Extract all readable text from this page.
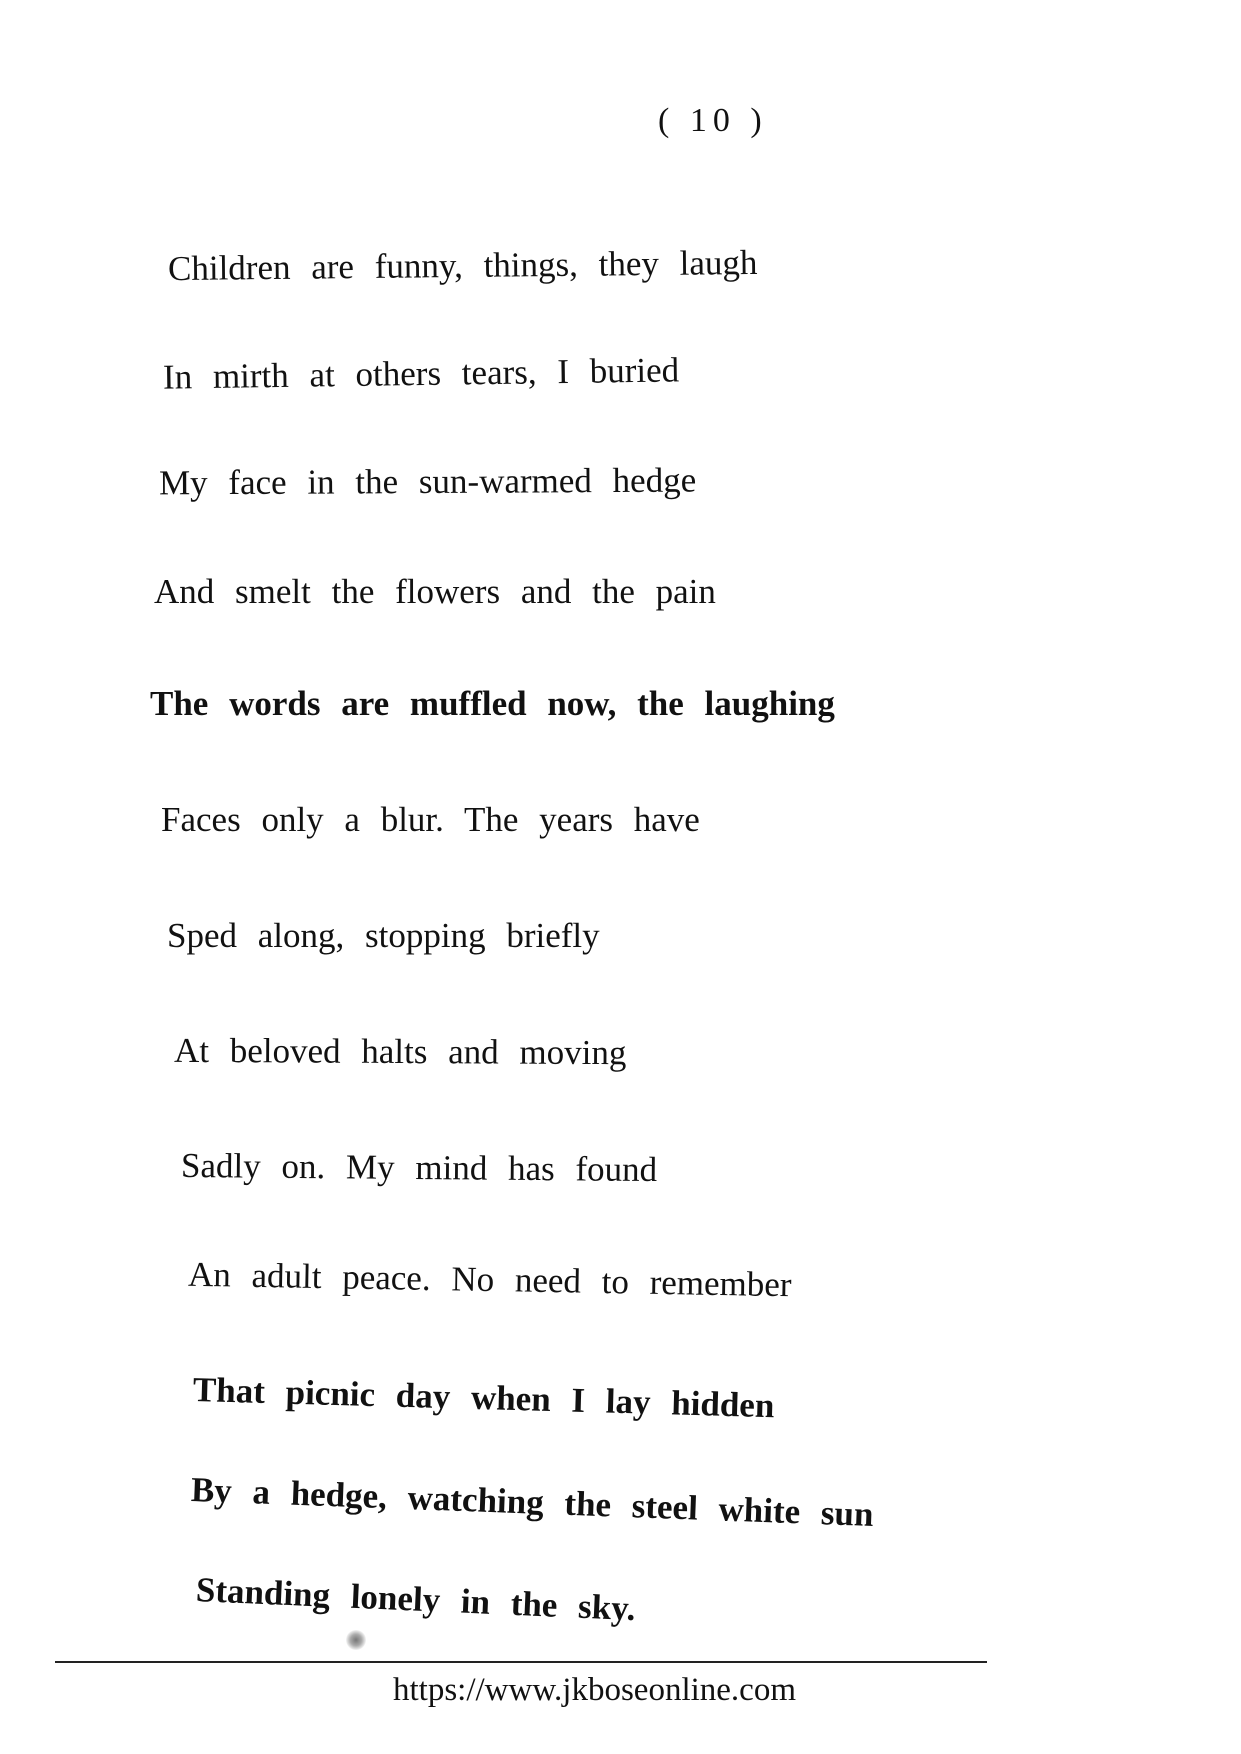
( 10 )
Children are funny, things, they laugh
In mirth at others tears, I buried
My face in the sun-warmed hedge
And smelt the flowers and the pain
The words are muffled now, the laughing
Faces only a blur. The years have
Sped along, stopping briefly
At beloved halts and moving
Sadly on. My mind has found
An adult peace. No need to remember
That picnic day when I lay hidden
By a hedge, watching the steel white sun
Standing lonely in the sky.
https://www.jkboseonline.com
